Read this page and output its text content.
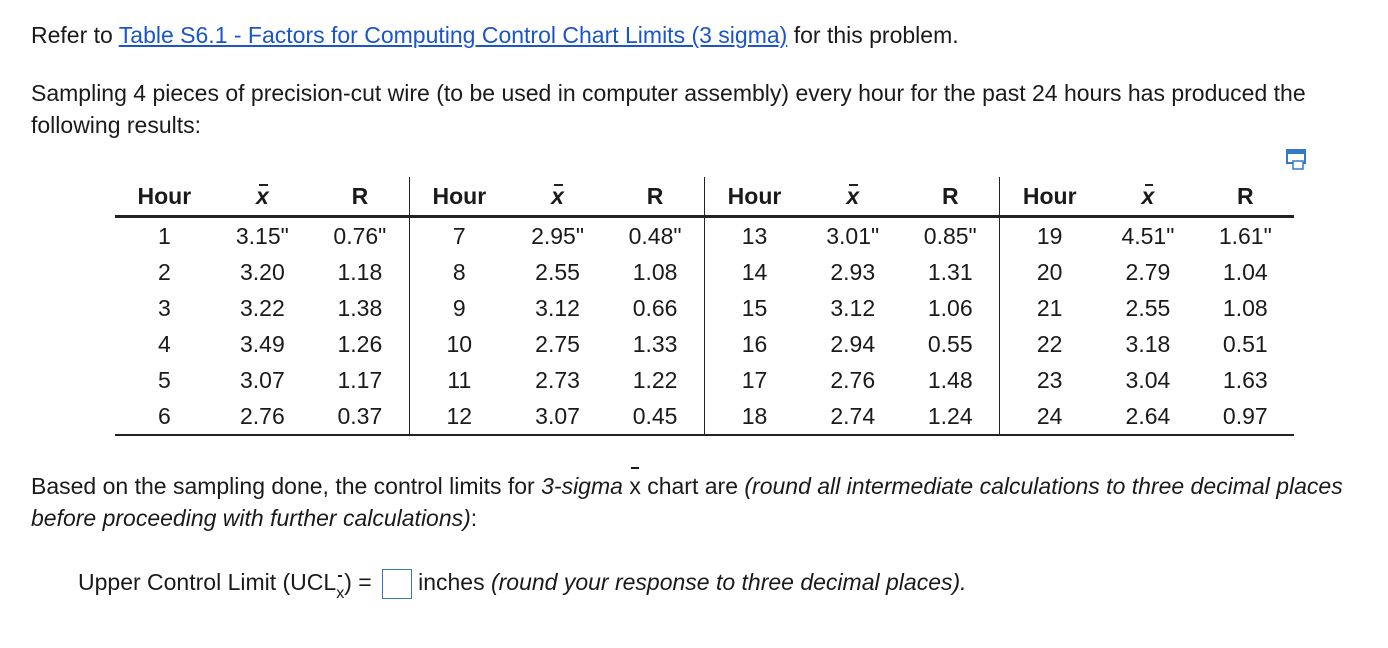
Refer to Table S6.1 - Factors for Computing Control Chart Limits (3 sigma) for this problem.
Sampling 4 pieces of precision-cut wire (to be used in computer assembly) every hour for the past 24 hours has produced the following results:
Hour	x	R	Hour	x	R	Hour	x	R	Hour	x	R
1	3.15"	0.76"	7	2.95"	0.48"	13	3.01"	0.85"	19	4.51"	1.61"
2	3.20	1.18	8	2.55	1.08	14	2.93	1.31	20	2.79	1.04
3	3.22	1.38	9	3.12	0.66	15	3.12	1.06	21	2.55	1.08
4	3.49	1.26	10	2.75	1.33	16	2.94	0.55	22	3.18	0.51
5	3.07	1.17	11	2.73	1.22	17	2.76	1.48	23	3.04	1.63
6	2.76	0.37	12	3.07	0.45	18	2.74	1.24	24	2.64	0.97
Based on the sampling done, the control limits for 3-sigma x chart are (round all intermediate calculations to three decimal places before proceeding with further calculations):
Upper Control Limit (UCLx) = inches (round your response to three decimal places).
